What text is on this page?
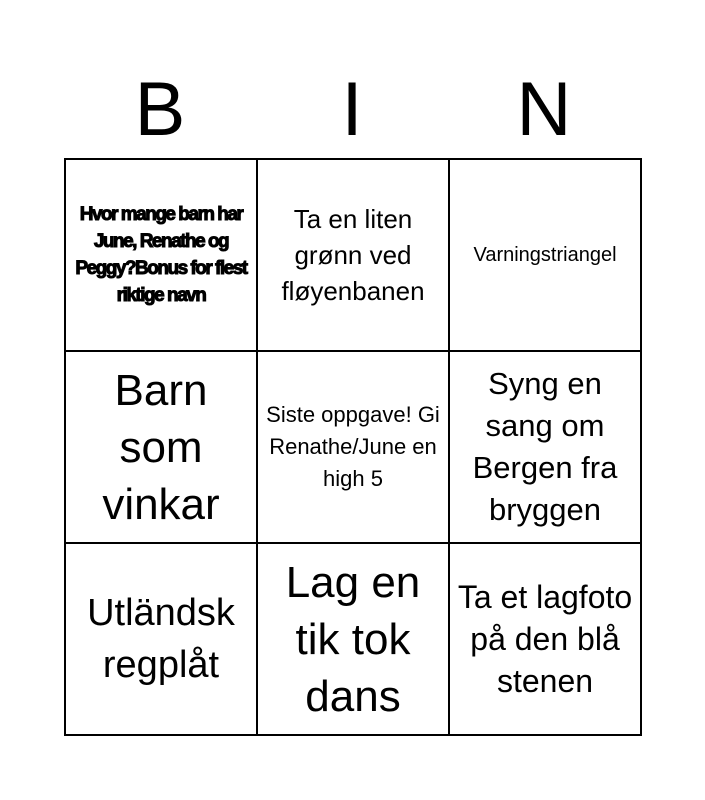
B	I	N
Hvor mange barn har June, Renathe og Peggy?Bonus for flest riktige navn
Ta en liten grønn ved fløyenbanen
Varningstriangel
Barn som vinkar
Siste oppgave! Gi Renathe/June en high 5
Syng en sang om Bergen fra bryggen
Utländsk regplåt
Lag en tik tok dans
Ta et lagfoto på den blå stenen
